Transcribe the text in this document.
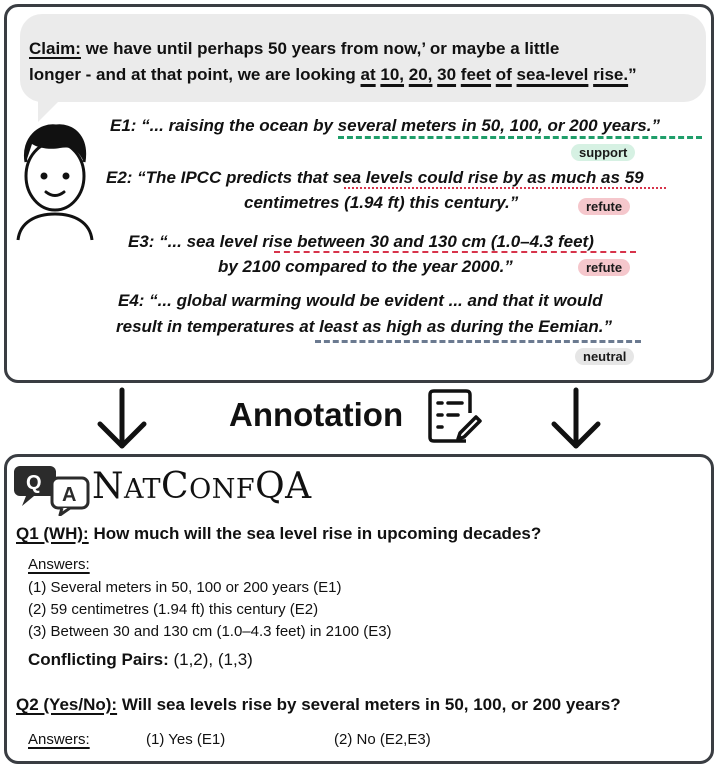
Claim: we have until perhaps 50 years from now,’ or maybe a little
longer - and at that point, we are looking at 10, 20, 30 feet of sea-level rise.”
E1: “... raising the ocean by several meters in 50, 100, or 200 years.”
support
E2: “The IPCC predicts that sea levels could rise by as much as 59
centimetres (1.94 ft) this century.”	refute
E3: “... sea level rise between 30 and 130 cm (1.0–4.3 feet)
by 2100 compared to the year 2000.”	refute
E4: “... global warming would be evident ... and that it would
result in temperatures at least as high as during the Eemian.”
neutral
Annotation
Q
A NATCONFQA
Q1 (WH): How much will the sea level rise in upcoming decades?
Answers:
(1) Several meters in 50, 100 or 200 years (E1)
(2) 59 centimetres (1.94 ft) this century (E2)
(3) Between 30 and 130 cm (1.0–4.3 feet) in 2100 (E3)
Conflicting Pairs: (1,2), (1,3)
Q2 (Yes/No): Will sea levels rise by several meters in 50, 100, or 200 years?
Answers:	(1) Yes (E1)	(2) No (E2,E3)
